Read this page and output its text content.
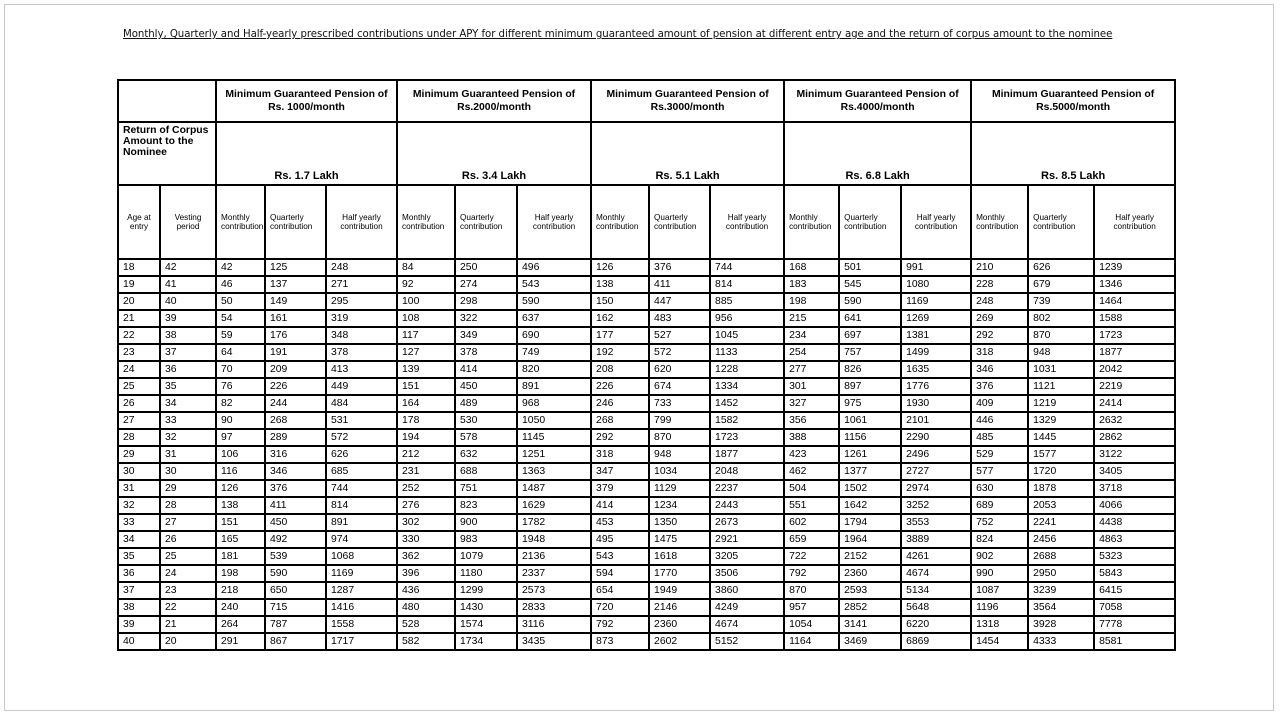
Monthly, Quarterly and Half-yearly prescribed contributions under APY for different minimum guaranteed amount of pension at different entry age and the return of corpus amount to the nominee
		Minimum Guaranteed Pension of Rs. 1000/month			Minimum Guaranteed Pension of Rs.2000/month			Minimum Guaranteed Pension of Rs.3000/month			Minimum Guaranteed Pension of Rs.4000/month			Minimum Guaranteed Pension of Rs.5000/month		
Return of Corpus Amount to the Nominee		Rs. 1.7 Lakh			Rs. 3.4 Lakh			Rs. 5.1 Lakh			Rs. 6.8 Lakh			Rs. 8.5 Lakh		
Age at entry	Vesting period	Monthly contribution	Quarterly contribution	Half yearly contribution	Monthly contribution	Quarterly contribution	Half yearly contribution	Monthly contribution	Quarterly contribution	Half yearly contribution	Monthly contribution	Quarterly contribution	Half yearly contribution	Monthly contribution	Quarterly contribution	Half yearly contribution
18	42	42	125	248	84	250	496	126	376	744	168	501	991	210	626	1239
19	41	46	137	271	92	274	543	138	411	814	183	545	1080	228	679	1346
20	40	50	149	295	100	298	590	150	447	885	198	590	1169	248	739	1464
21	39	54	161	319	108	322	637	162	483	956	215	641	1269	269	802	1588
22	38	59	176	348	117	349	690	177	527	1045	234	697	1381	292	870	1723
23	37	64	191	378	127	378	749	192	572	1133	254	757	1499	318	948	1877
24	36	70	209	413	139	414	820	208	620	1228	277	826	1635	346	1031	2042
25	35	76	226	449	151	450	891	226	674	1334	301	897	1776	376	1121	2219
26	34	82	244	484	164	489	968	246	733	1452	327	975	1930	409	1219	2414
27	33	90	268	531	178	530	1050	268	799	1582	356	1061	2101	446	1329	2632
28	32	97	289	572	194	578	1145	292	870	1723	388	1156	2290	485	1445	2862
29	31	106	316	626	212	632	1251	318	948	1877	423	1261	2496	529	1577	3122
30	30	116	346	685	231	688	1363	347	1034	2048	462	1377	2727	577	1720	3405
31	29	126	376	744	252	751	1487	379	1129	2237	504	1502	2974	630	1878	3718
32	28	138	411	814	276	823	1629	414	1234	2443	551	1642	3252	689	2053	4066
33	27	151	450	891	302	900	1782	453	1350	2673	602	1794	3553	752	2241	4438
34	26	165	492	974	330	983	1948	495	1475	2921	659	1964	3889	824	2456	4863
35	25	181	539	1068	362	1079	2136	543	1618	3205	722	2152	4261	902	2688	5323
36	24	198	590	1169	396	1180	2337	594	1770	3506	792	2360	4674	990	2950	5843
37	23	218	650	1287	436	1299	2573	654	1949	3860	870	2593	5134	1087	3239	6415
38	22	240	715	1416	480	1430	2833	720	2146	4249	957	2852	5648	1196	3564	7058
39	21	264	787	1558	528	1574	3116	792	2360	4674	1054	3141	6220	1318	3928	7778
40	20	291	867	1717	582	1734	3435	873	2602	5152	1164	3469	6869	1454	4333	8581
